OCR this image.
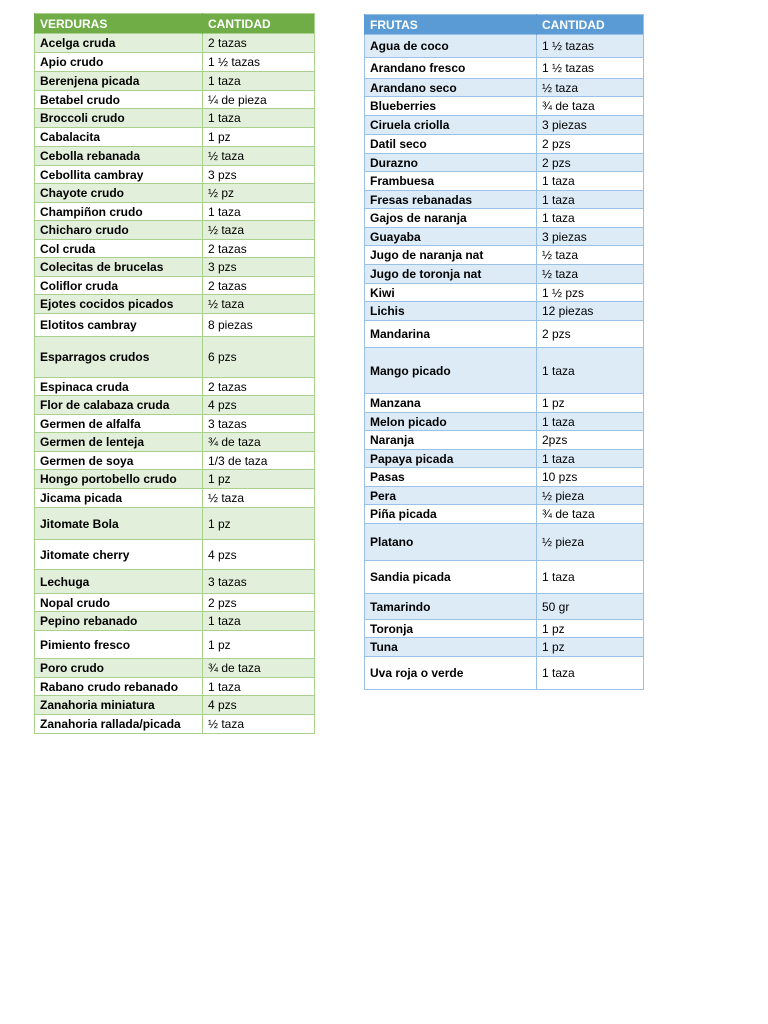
VERDURAS	CANTIDAD
Acelga cruda	2 tazas
Apio crudo	1 ½ tazas
Berenjena picada	1 taza
Betabel crudo	¼ de pieza
Broccoli crudo	1 taza
Cabalacita	1 pz
Cebolla rebanada	½ taza
Cebollita cambray	3 pzs
Chayote crudo	½ pz
Champiñon crudo	1 taza
Chicharo crudo	½ taza
Col cruda	2 tazas
Colecitas de brucelas	3 pzs
Coliflor cruda	2 tazas
Ejotes cocidos picados	½ taza
Elotitos cambray	8 piezas
Esparragos crudos	6 pzs
Espinaca cruda	2 tazas
Flor de calabaza cruda	4 pzs
Germen de alfalfa	3 tazas
Germen de lenteja	¾ de taza
Germen de soya	1/3 de taza
Hongo portobello crudo	1 pz
Jicama picada	½ taza
Jitomate Bola	1 pz
Jitomate cherry	4 pzs
Lechuga	3 tazas
Nopal crudo	2 pzs
Pepino rebanado	1 taza
Pimiento fresco	1 pz
Poro crudo	¾ de taza
Rabano crudo rebanado	1 taza
Zanahoria miniatura	4 pzs
Zanahoria rallada/picada	½ taza
FRUTAS	CANTIDAD
Agua de coco	1 ½ tazas
Arandano fresco	1 ½ tazas
Arandano seco	½ taza
Blueberries	¾ de taza
Ciruela criolla	3 piezas
Datil seco	2 pzs
Durazno	2 pzs
Frambuesa	1 taza
Fresas rebanadas	1 taza
Gajos de naranja	1 taza
Guayaba	3 piezas
Jugo de naranja nat	½ taza
Jugo de toronja nat	½ taza
Kiwi	1 ½ pzs
Lichis	12 piezas
Mandarina	2 pzs
Mango picado	1 taza
Manzana	1 pz
Melon picado	1 taza
Naranja	2pzs
Papaya picada	1 taza
Pasas	10 pzs
Pera	½ pieza
Piña picada	¾ de taza
Platano	½ pieza
Sandia picada	1 taza
Tamarindo	50 gr
Toronja	1 pz
Tuna	1 pz
Uva roja o verde	1 taza
